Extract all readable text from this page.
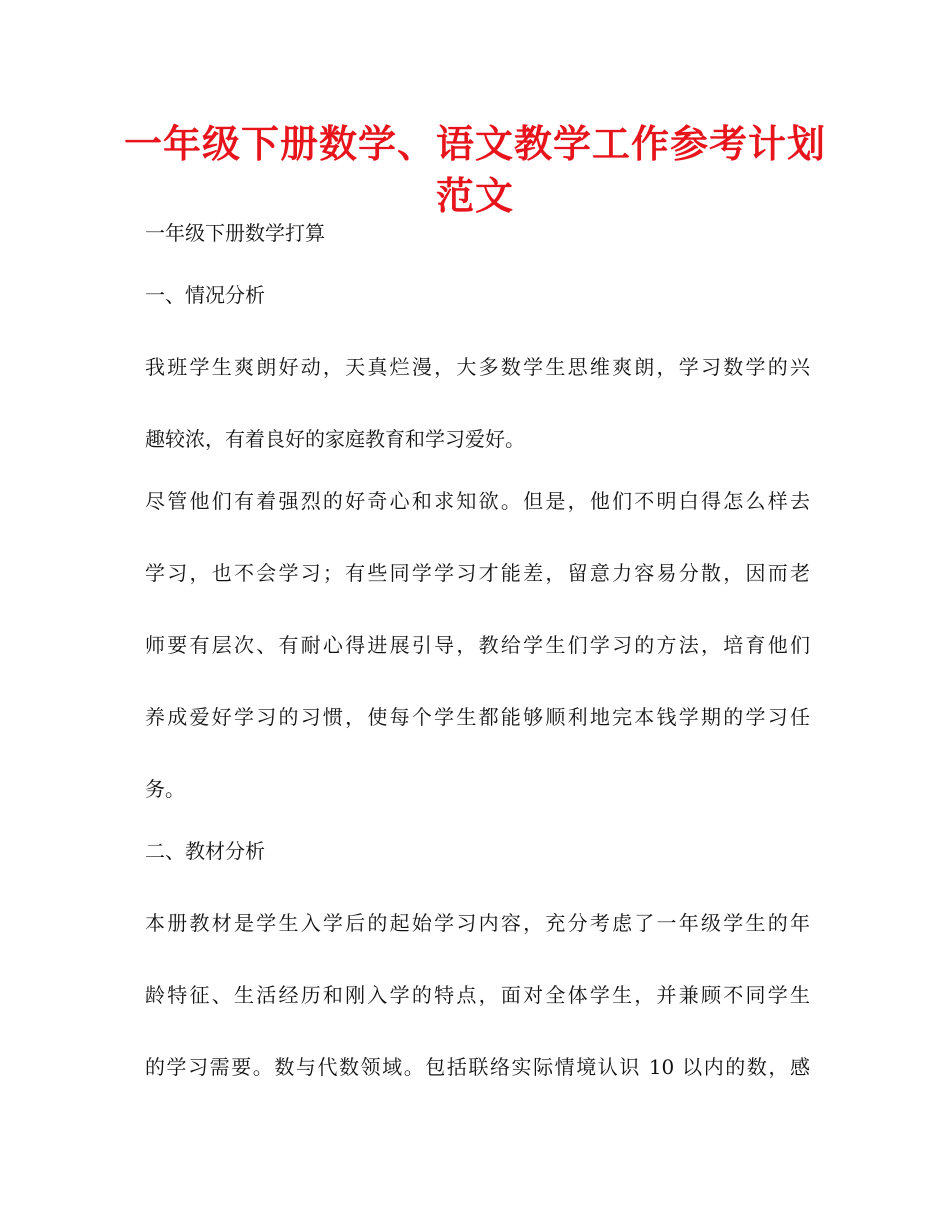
一年级下册数学、语文教学工作参考计划
范文
一年级下册数学打算
一、情况分析
我班学生爽朗好动，天真烂漫，大多数学生思维爽朗，学习数学的兴
趣较浓，有着良好的家庭教育和学习爱好。
尽管他们有着强烈的好奇心和求知欲。但是，他们不明白得怎么样去
学习，也不会学习；有些同学学习才能差，留意力容易分散，因而老
师要有层次、有耐心得进展引导，教给学生们学习的方法，培育他们
养成爱好学习的习惯，使每个学生都能够顺利地完本钱学期的学习任
务。
二、教材分析
本册教材是学生入学后的起始学习内容，充分考虑了一年级学生的年
龄特征、生活经历和刚入学的特点，面对全体学生，并兼顾不同学生
的学习需要。数与代数领域。包括联络实际情境认识 10 以内的数，感
